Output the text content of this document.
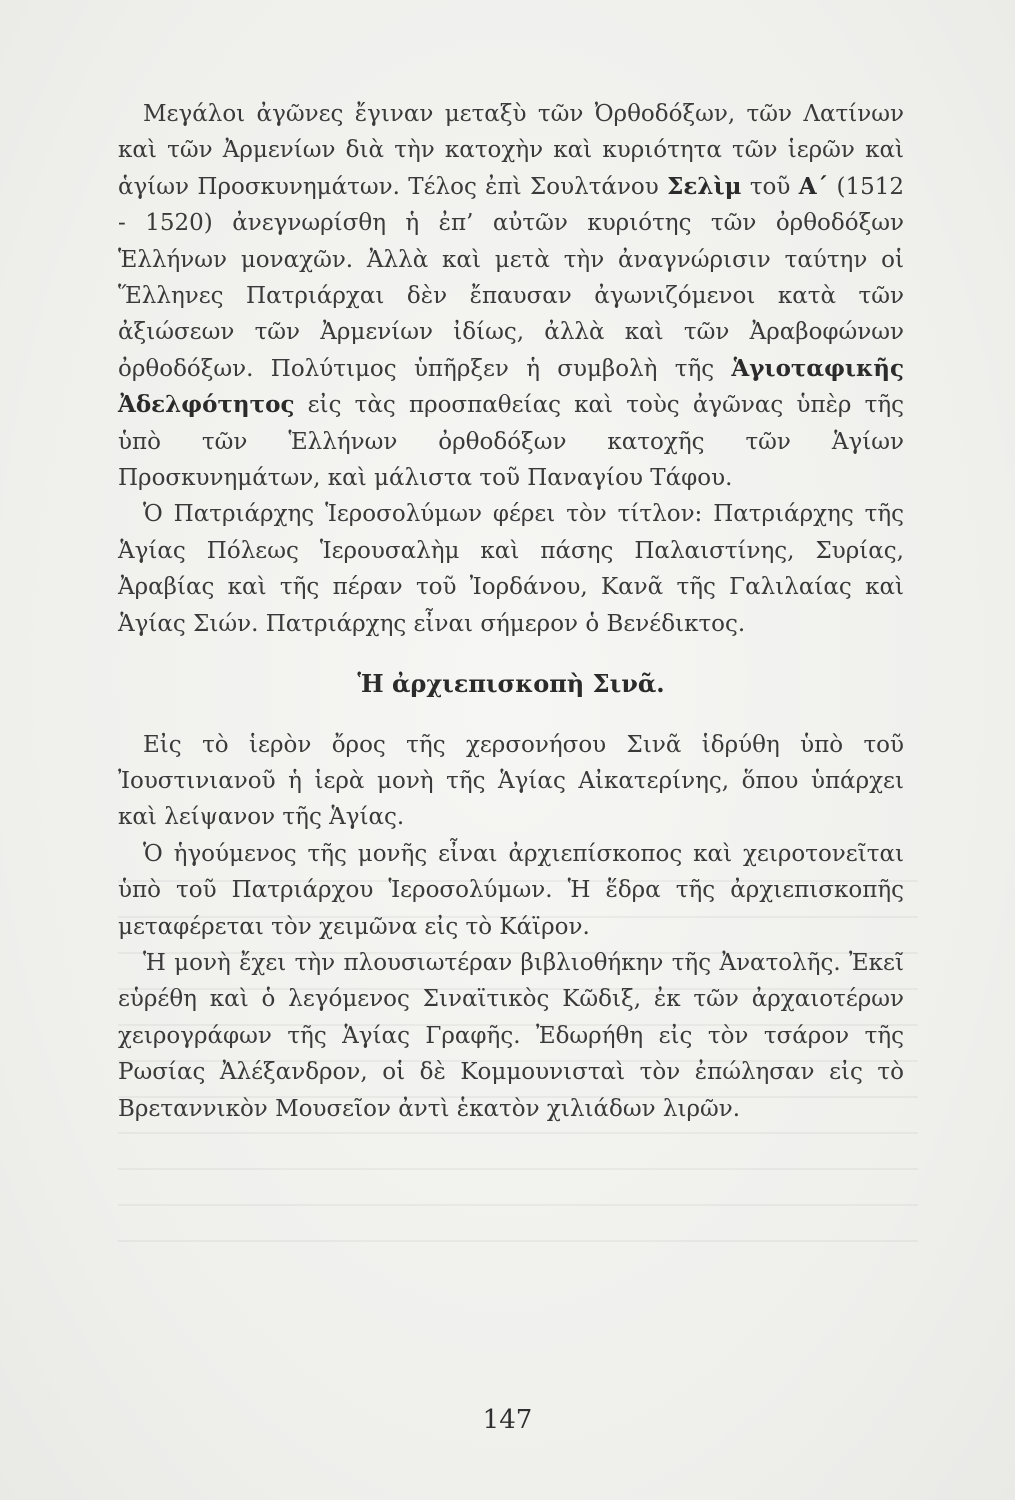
Μεγάλοι ἀγῶνες ἔγιναν μεταξὺ τῶν Ὀρθοδόξων, τῶν Λατίνων καὶ τῶν Ἀρμενίων διὰ τὴν κατοχὴν καὶ κυριότητα τῶν ἱερῶν καὶ ἁγίων Προσκυνημάτων. Τέλος ἐπὶ Σουλτάνου Σελὶμ τοῦ Α΄ (1512 - 1520) ἀνεγνωρίσθη ἡ ἐπ’ αὐτῶν κυριότης τῶν ὀρθοδόξων Ἑλλήνων μοναχῶν. Ἀλλὰ καὶ μετὰ τὴν ἀναγνώρισιν ταύτην οἱ Ἕλληνες Πατριάρχαι δὲν ἔπαυσαν ἀγωνιζόμενοι κατὰ τῶν ἀξιώσεων τῶν Ἀρμενίων ἰδίως, ἀλλὰ καὶ τῶν Ἀραβοφώνων ὀρθοδόξων. Πολύτιμος ὑπῆρξεν ἡ συμβολὴ τῆς Ἁγιοταφικῆς Ἀδελφότητος εἰς τὰς προσπαθείας καὶ τοὺς ἀγῶνας ὑπὲρ τῆς ὑπὸ τῶν Ἑλλήνων ὀρθοδόξων κατοχῆς τῶν Ἁγίων Προσκυνημάτων, καὶ μάλιστα τοῦ Παναγίου Τάφου.

Ὁ Πατριάρχης Ἱεροσολύμων φέρει τὸν τίτλον: Πατριάρχης τῆς Ἁγίας Πόλεως Ἱερουσαλὴμ καὶ πάσης Παλαιστίνης, Συρίας, Ἀραβίας καὶ τῆς πέραν τοῦ Ἰορδάνου, Κανᾶ τῆς Γαλιλαίας καὶ Ἁγίας Σιών. Πατριάρχης εἶναι σήμερον ὁ Βενέδικτος.

Ἡ ἀρχιεπισκοπὴ Σινᾶ.

Εἰς τὸ ἱερὸν ὄρος τῆς χερσονήσου Σινᾶ ἱδρύθη ὑπὸ τοῦ Ἰουστινιανοῦ ἡ ἱερὰ μονὴ τῆς Ἁγίας Αἰκατερίνης, ὅπου ὑπάρχει καὶ λείψανον τῆς Ἁγίας.

Ὁ ἡγούμενος τῆς μονῆς εἶναι ἀρχιεπίσκοπος καὶ χειροτονεῖται ὑπὸ τοῦ Πατριάρχου Ἱεροσολύμων. Ἡ ἕδρα τῆς ἀρχιεπισκοπῆς μεταφέρεται τὸν χειμῶνα εἰς τὸ Κάϊρον.

Ἡ μονὴ ἔχει τὴν πλουσιωτέραν βιβλιοθήκην τῆς Ἀνατολῆς. Ἐκεῖ εὑρέθη καὶ ὁ λεγόμενος Σιναϊτικὸς Κῶδιξ, ἐκ τῶν ἀρχαιοτέρων χειρογράφων τῆς Ἁγίας Γραφῆς. Ἐδωρήθη εἰς τὸν τσάρον τῆς Ρωσίας Ἀλέξανδρον, οἱ δὲ Κομμουνισταὶ τὸν ἐπώλησαν εἰς τὸ Βρεταννικὸν Μουσεῖον ἀντὶ ἑκατὸν χιλιάδων λιρῶν.

147
